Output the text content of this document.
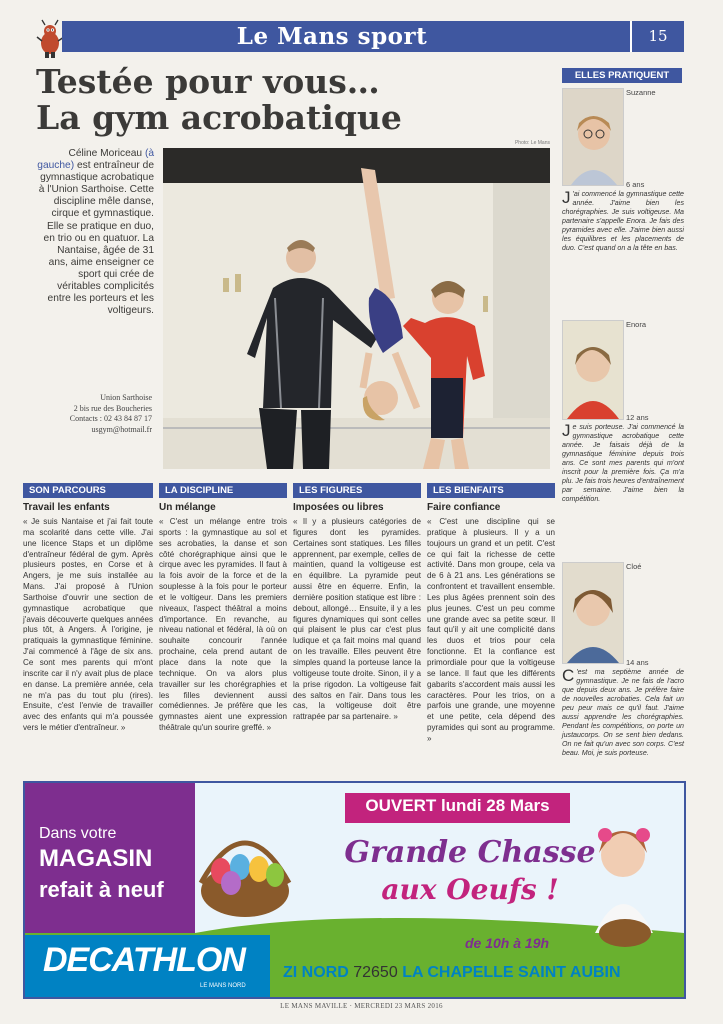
Le Mans sport	15
Testée pour vous…
La gym acrobatique
Céline Moriceau (à gauche) est entraîneur de gymnastique acrobatique à l'Union Sarthoise. Cette discipline mêle danse, cirque et gymnastique. Elle se pratique en duo, en trio ou en quatuor. La Nantaise, âgée de 31 ans, aime enseigner ce sport qui crée de véritables complicités entre les porteurs et les voltigeurs.
Union Sarthoise
2 bis rue des Boucheries
Contacts : 02 43 84 87 17
usgym@hotmail.fr
Photo: Le Mans
ELLES PRATIQUENT
Suzanne
6 ans
J 'ai commencé la gymnastique cette année. J'aime bien les chorégraphies. Je suis voltigeuse. Ma partenaire s'appelle Enora. Je fais des pyramides avec elle. J'aime bien aussi les équilibres et les placements de duo. C'est quand on a la tête en bas.
Enora
12 ans
Je suis porteuse. J'ai commencé la gymnastique acrobatique cette année. Je faisais déjà de la gymnastique féminine depuis trois ans. Ce sont mes parents qui m'ont inscrit pour la première fois. Ça m'a plu. Je fais trois heures d'entraînement par semaine. J'aime bien la compétition.
Cloé
14 ans
C 'est ma septième année de gymnastique. Je ne fais de l'acro que depuis deux ans. Je préfère faire de nouvelles acrobaties. Cela fait un peu peur mais ce qu'il faut. J'aime aussi apprendre les chorégraphies. Pendant les compétitions, on porte un justaucorps. On se sent bien dedans. On ne fait qu'un avec son corps. C'est beau. Moi, je suis porteuse.
SON PARCOURS
Travail les enfants
« Je suis Nantaise et j'ai fait toute ma scolarité dans cette ville. J'ai une licence Staps et un diplôme d'entraîneur fédéral de gym. Après plusieurs postes, en Corse et à Angers, je me suis installée au Mans. J'ai proposé à l'Union Sarthoise d'ouvrir une section de gymnastique acrobatique que j'avais découverte quelques années plus tôt, à Angers. À l'origine, je pratiquais la gymnastique féminine. J'ai commencé à l'âge de six ans. Ce sont mes parents qui m'ont inscrite car il n'y avait plus de place en danse. La première année, cela ne m'a pas du tout plu (rires). Ensuite, c'est l'envie de travailler avec des enfants qui m'a poussée vers le métier d'entraîneur. »
LA DISCIPLINE
Un mélange
« C'est un mélange entre trois sports : la gymnastique au sol et ses acrobaties, la danse et son côté chorégraphique ainsi que le cirque avec les pyramides. Il faut à la fois avoir de la force et de la souplesse à la fois pour le porteur et le voltigeur. Dans les premiers niveaux, l'aspect théâtral a moins d'importance. En revanche, au niveau national et fédéral, là où on souhaite concourir l'année prochaine, cela prend autant de place dans la note que la technique. On va alors plus travailler sur les chorégraphies et les filles deviennent aussi comédiennes. Je préfère que les gymnastes aient une expression théâtrale qu'un sourire greffé. »
LES FIGURES
Imposées ou libres
« Il y a plusieurs catégories de figures dont les pyramides. Certaines sont statiques. Les filles apprennent, par exemple, celles de maintien, quand la voltigeuse est en équilibre. La pyramide peut aussi être en équerre. Enfin, la dernière position statique est libre : debout, allongé… Ensuite, il y a les figures dynamiques qui sont celles qui plaisent le plus car c'est plus ludique et ça fait moins mal quand on les travaille. Elles peuvent être simples quand la porteuse lance la voltigeuse toute droite. Sinon, il y a la prise rigodon. La voltigeuse fait des saltos en l'air. Dans tous les cas, la voltigeuse doit être rattrapée par sa partenaire. »
LES BIENFAITS
Faire confiance
« C'est une discipline qui se pratique à plusieurs. Il y a un toujours un grand et un petit. C'est ce qui fait la richesse de cette activité. Dans mon groupe, cela va de 6 à 21 ans. Les générations se confrontent et travaillent ensemble. Les plus âgées prennent soin des plus jeunes. C'est un peu comme une grande avec sa petite sœur. Il faut qu'il y ait une complicité dans les duos et trios pour cela fonctionne. Et la confiance est primordiale pour que la voltigeuse se lance. Il faut que les différents gabarits s'accordent mais aussi les caractères. Pour les trios, on a parfois une grande, une moyenne et une petite, cela dépend des pyramides qui sont au programme. »
Dans votre
MAGASIN
refait à neuf
OUVERT lundi 28 Mars
Grande Chasse
aux Oeufs !
de 10h à 19h
DECATHLON
LE MANS NORD
ZI NORD 72650 LA CHAPELLE SAINT AUBIN
LE MANS MAVILLE · MERCREDI 23 MARS 2016
